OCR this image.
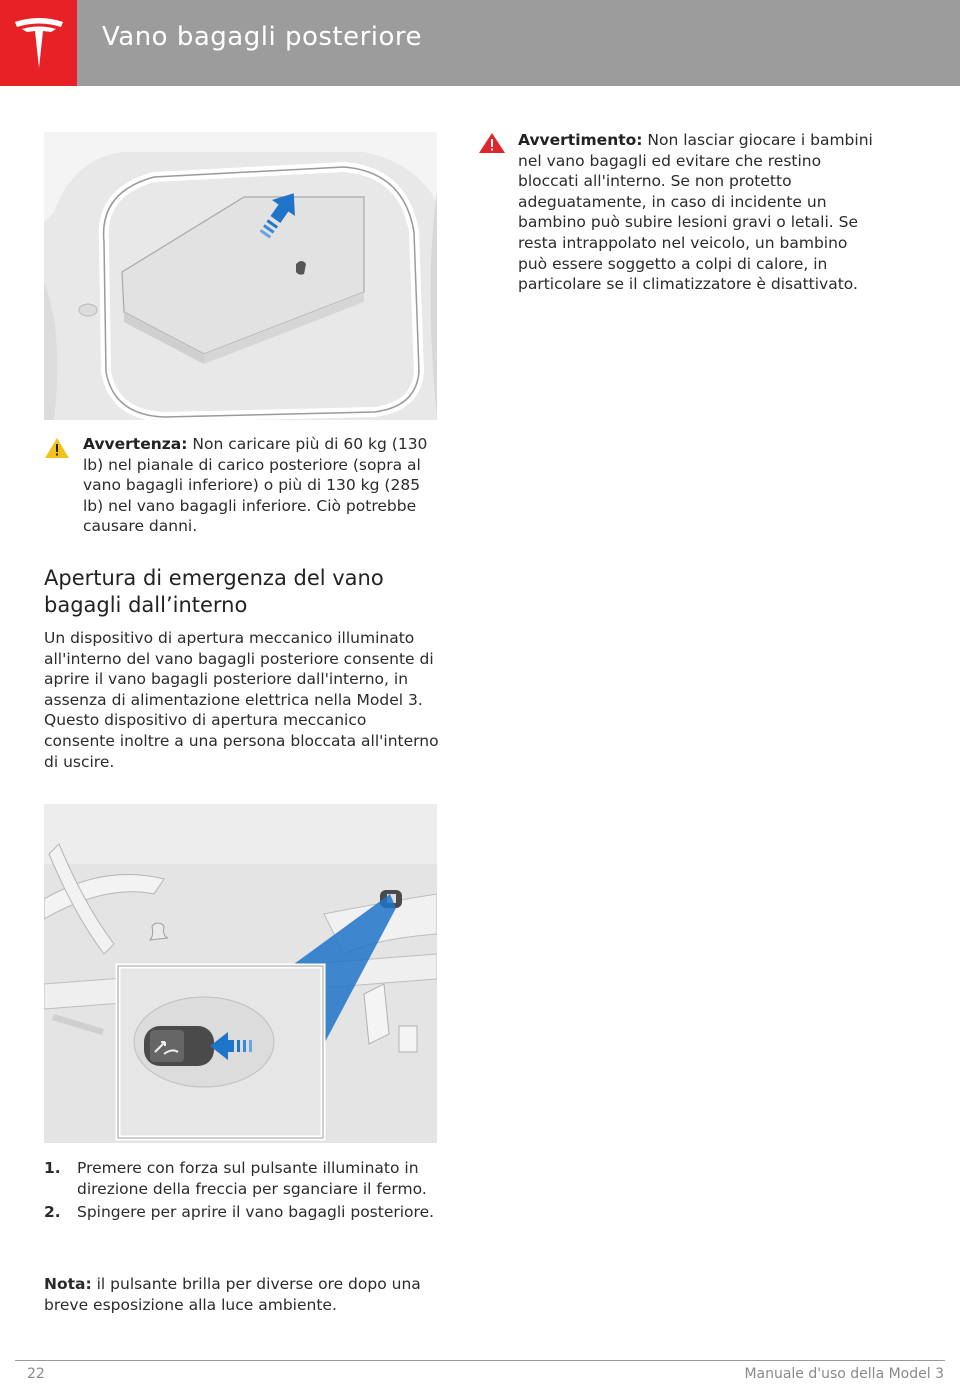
Vano bagagli posteriore
Avvertenza: Non caricare più di 60 kg (130 lb) nel pianale di carico posteriore (sopra al vano bagagli inferiore) o più di 130 kg (285 lb) nel vano bagagli inferiore. Ciò potrebbe causare danni.
Apertura di emergenza del vano bagagli dall’interno
Un dispositivo di apertura meccanico illuminato all'interno del vano bagagli posteriore consente di aprire il vano bagagli posteriore dall'interno, in assenza di alimentazione elettrica nella Model 3. Questo dispositivo di apertura meccanico consente inoltre a una persona bloccata all'interno di uscire.
1. Premere con forza sul pulsante illuminato in direzione della freccia per sganciare il fermo.
2. Spingere per aprire il vano bagagli posteriore.
Nota: il pulsante brilla per diverse ore dopo una breve esposizione alla luce ambiente.
Avvertimento: Non lasciar giocare i bambini nel vano bagagli ed evitare che restino bloccati all'interno. Se non protetto adeguatamente, in caso di incidente un bambino può subire lesioni gravi o letali. Se resta intrappolato nel veicolo, un bambino può essere soggetto a colpi di calore, in particolare se il climatizzatore è disattivato.
22	Manuale d'uso della Model 3
